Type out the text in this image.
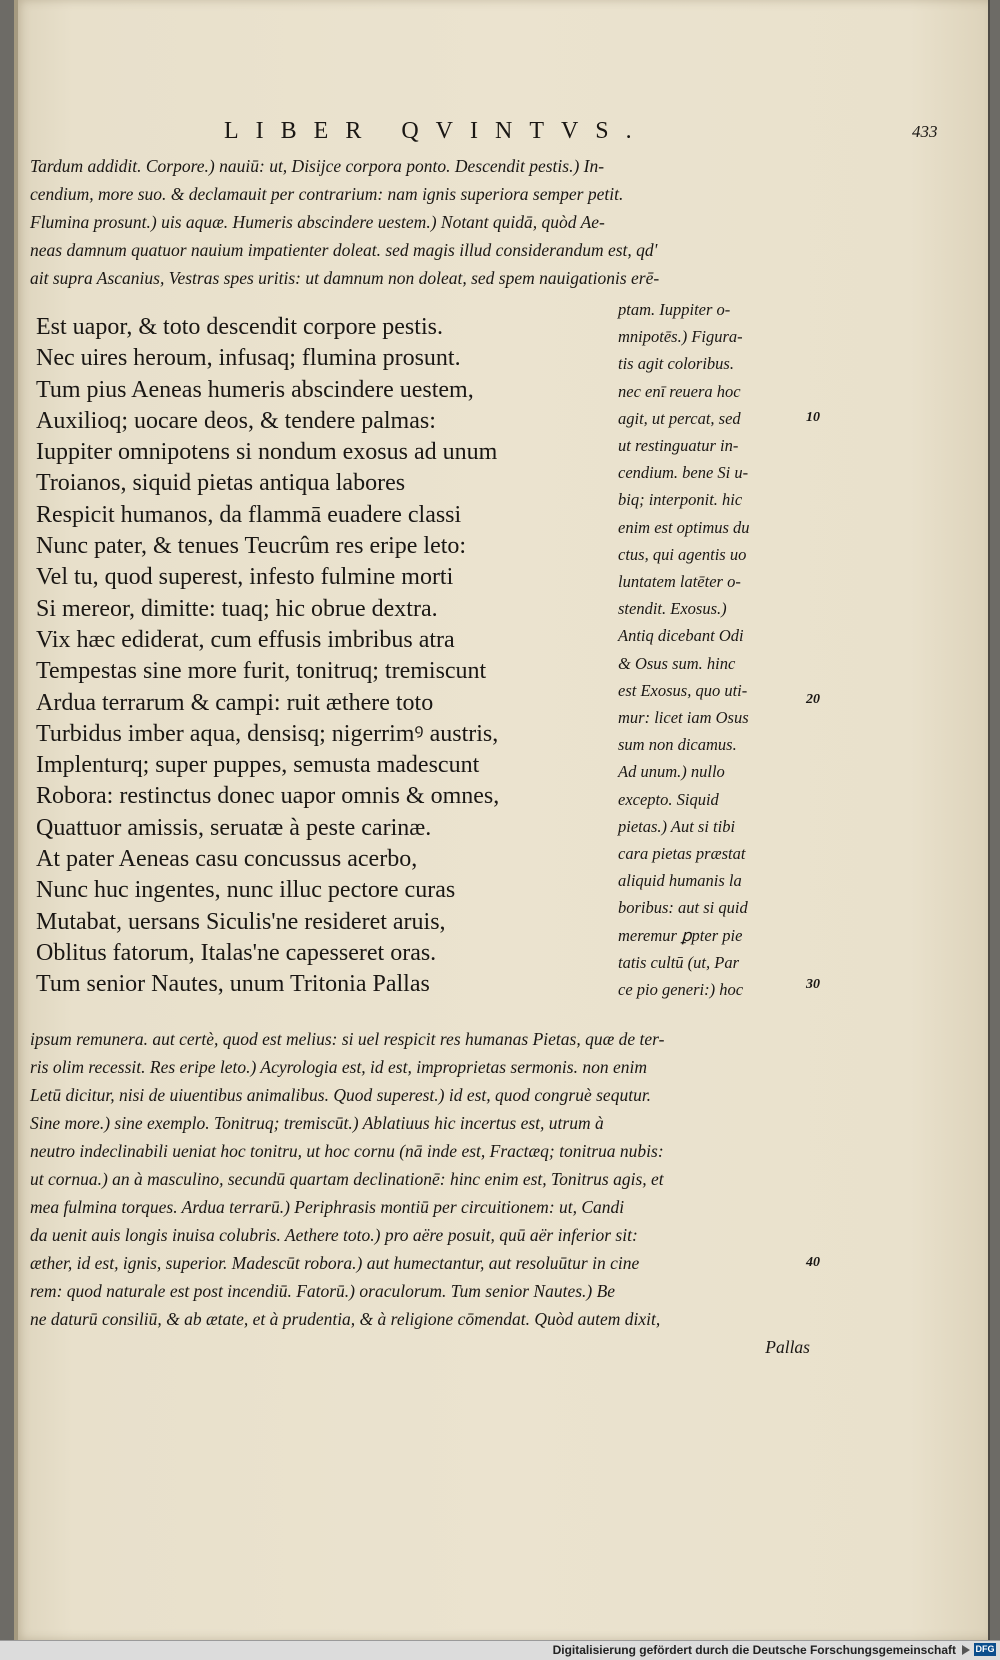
LIBER QVINTVS.	433
Tardum addidit. Corpore.) nauiū: ut, Disijce corpora ponto. Descendit pestis.) In-
cendium, more suo. & declamauit per contrarium: nam ignis superiora semper petit.
Flumina prosunt.) uis aquæ. Humeris abscindere uestem.) Notant quidā, quòd Ae-
neas damnum quatuor nauium impatienter doleat. sed magis illud considerandum est, qd'
ait supra Ascanius, Vestras spes uritis: ut damnum non doleat, sed spem nauigationis erē-
Est uapor, & toto descendit corpore pestis.
Nec uires heroum, infusaq; flumina prosunt.
Tum pius Aeneas humeris abscindere uestem,
Auxilioq; uocare deos, & tendere palmas:
Iuppiter omnipotens si nondum exosus ad unum
Troianos, siquid pietas antiqua labores
Respicit humanos, da flammā euadere classi
Nunc pater, & tenues Teucrûm res eripe leto:
Vel tu, quod superest, infesto fulmine morti
Si mereor, dimitte: tuaq; hic obrue dextra.
Vix hæc ediderat, cum effusis imbribus atra
Tempestas sine more furit, tonitruq; tremiscunt
Ardua terrarum & campi: ruit æthere toto
Turbidus imber aqua, densisq; nigerrimꝰ austris,
Implenturq; super puppes, semusta madescunt
Robora: restinctus donec uapor omnis & omnes,
Quattuor amissis, seruatæ à peste carinæ.
At pater Aeneas casu concussus acerbo,
Nunc huc ingentes, nunc illuc pectore curas
Mutabat, uersans Siculis'ne resideret aruis,
Oblitus fatorum, Italas'ne capesseret oras.
Tum senior Nautes, unum Tritonia Pallas
ptam. Iuppiter o-
mnipotēs.) Figura-
tis agit coloribus.
nec enī reuera hoc
agit, ut percat, sed
ut restinguatur in-
cendium. bene Si u-
biq; interponit. hic
enim est optimus du
ctus, qui agentis uo
luntatem latēter o-
stendit. Exosus.)
Antiq dicebant Odi
& Osus sum. hinc
est Exosus, quo uti-
mur: licet iam Osus
sum non dicamus.
Ad unum.) nullo
excepto. Siquid
pietas.) Aut si tibi
cara pietas præstat
aliquid humanis la
boribus: aut si quid
meremur ꝑpter pie
tatis cultū (ut, Par
ce pio generi:) hoc
10
20
30
40
ipsum remunera. aut certè, quod est melius: si uel respicit res humanas Pietas, quæ de ter-
ris olim recessit. Res eripe leto.) Acyrologia est, id est, improprietas sermonis. non enim
Letū dicitur, nisi de uiuentibus animalibus. Quod superest.) id est, quod congruè sequtur.
Sine more.) sine exemplo. Tonitruq; tremiscūt.) Ablatiuus hic incertus est, utrum à
neutro indeclinabili ueniat hoc tonitru, ut hoc cornu (nā inde est, Fractæq; tonitrua nubis:
ut cornua.) an à masculino, secundū quartam declinationē: hinc enim est, Tonitrus agis, et
mea fulmina torques. Ardua terrarū.) Periphrasis montiū per circuitionem: ut, Candi
da uenit auis longis inuisa colubris. Aethere toto.) pro aëre posuit, quū aër inferior sit:
æther, id est, ignis, superior. Madescūt robora.) aut humectantur, aut resoluūtur in cine
rem: quod naturale est post incendiū. Fatorū.) oraculorum. Tum senior Nautes.) Be
ne daturū consiliū, & ab ætate, et à prudentia, & à religione cōmendat. Quòd autem dixit,
Pallas
Digitalisierung gefördert durch die Deutsche Forschungsgemeinschaft DFG
